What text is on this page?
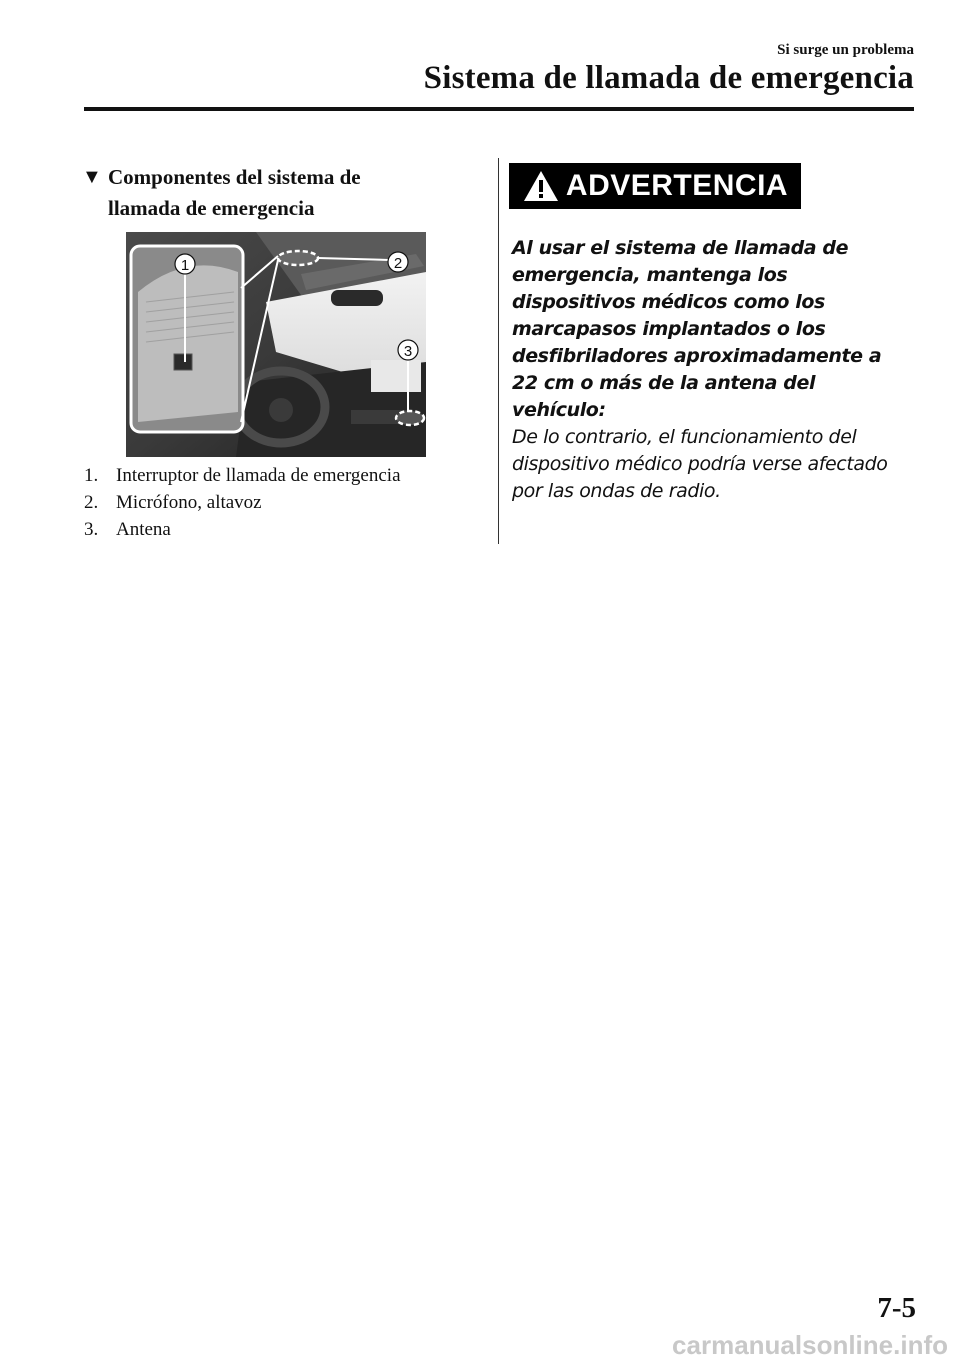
Si surge un problema
Sistema de llamada de emergencia
▼ Componentes del sistema de llamada de emergencia
1	2
3
1. Interruptor de llamada de emergencia
2. Micrófono, altavoz
3. Antena
ADVERTENCIA

Al usar el sistema de llamada de emergencia, mantenga los dispositivos médicos como los marcapasos implantados o los desfibriladores aproximadamente a 22 cm o más de la antena del vehículo:

De lo contrario, el funcionamiento del dispositivo médico podría verse afectado por las ondas de radio.

7-5
carmanualsonline.info
